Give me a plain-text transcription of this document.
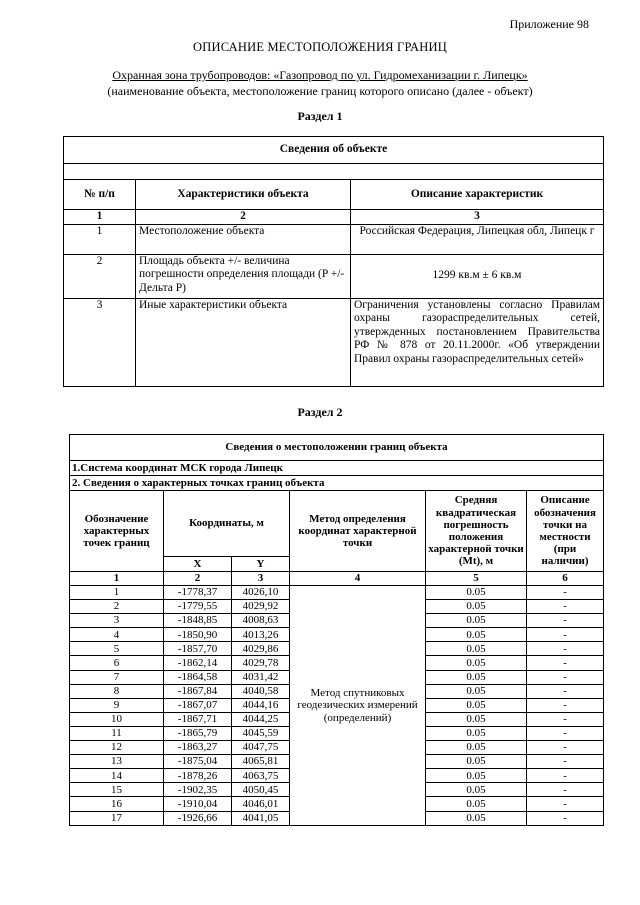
Приложение 98
ОПИСАНИЕ МЕСТОПОЛОЖЕНИЯ ГРАНИЦ
Охранная зона трубопроводов: «Газопровод по ул. Гидромеханизации г. Липецк»
(наименование объекта, местоположение границ которого описано (далее - объект)
Раздел 1
Сведения об объекте		

№ п/п	Характеристики объекта	Описание характеристик
1	2	3
1	Местоположение объекта	Российская Федерация, Липецкая обл, Липецк г
2	Площадь объекта +/- величина погрешности определения площади (P +/- Дельта P)	1299 кв.м ± 6 кв.м
3	Иные характеристики объекта	Ограничения установлены согласно Правилам охраны газораспределительных сетей, утвержденных постановлением Правительства РФ № 878 от 20.11.2000г. «Об утверждении Правил охраны газораспределительных сетей»
Раздел 2
Сведения о местоположении границ объекта					
1.Система координат МСК города Липецк					
2. Сведения о характерных точках границ объекта					
Обозначение характерных точек границ	Координаты, м		Метод определения координат характерной точки	Средняя квадратическая погрешность положения характерной точки (Mt), м	Описание обозначения точки на местности (при наличии)
	X	Y			
1	2	3	4	5	6
1	-1778,37	4026,10	Метод спутниковых геодезических измерений (определений)	0.05	-
2	-1779,55	4029,92		0.05	-
3	-1848,85	4008,63		0.05	-
4	-1850,90	4013,26		0.05	-
5	-1857,70	4029,86		0.05	-
6	-1862,14	4029,78		0.05	-
7	-1864,58	4031,42		0.05	-
8	-1867,84	4040,58		0.05	-
9	-1867,07	4044,16		0.05	-
10	-1867,71	4044,25		0.05	-
11	-1865,79	4045,59		0.05	-
12	-1863,27	4047,75		0.05	-
13	-1875,04	4065,81		0.05	-
14	-1878,26	4063,75		0.05	-
15	-1902,35	4050,45		0.05	-
16	-1910,04	4046,01		0.05	-
17	-1926,66	4041,05		0.05	-
